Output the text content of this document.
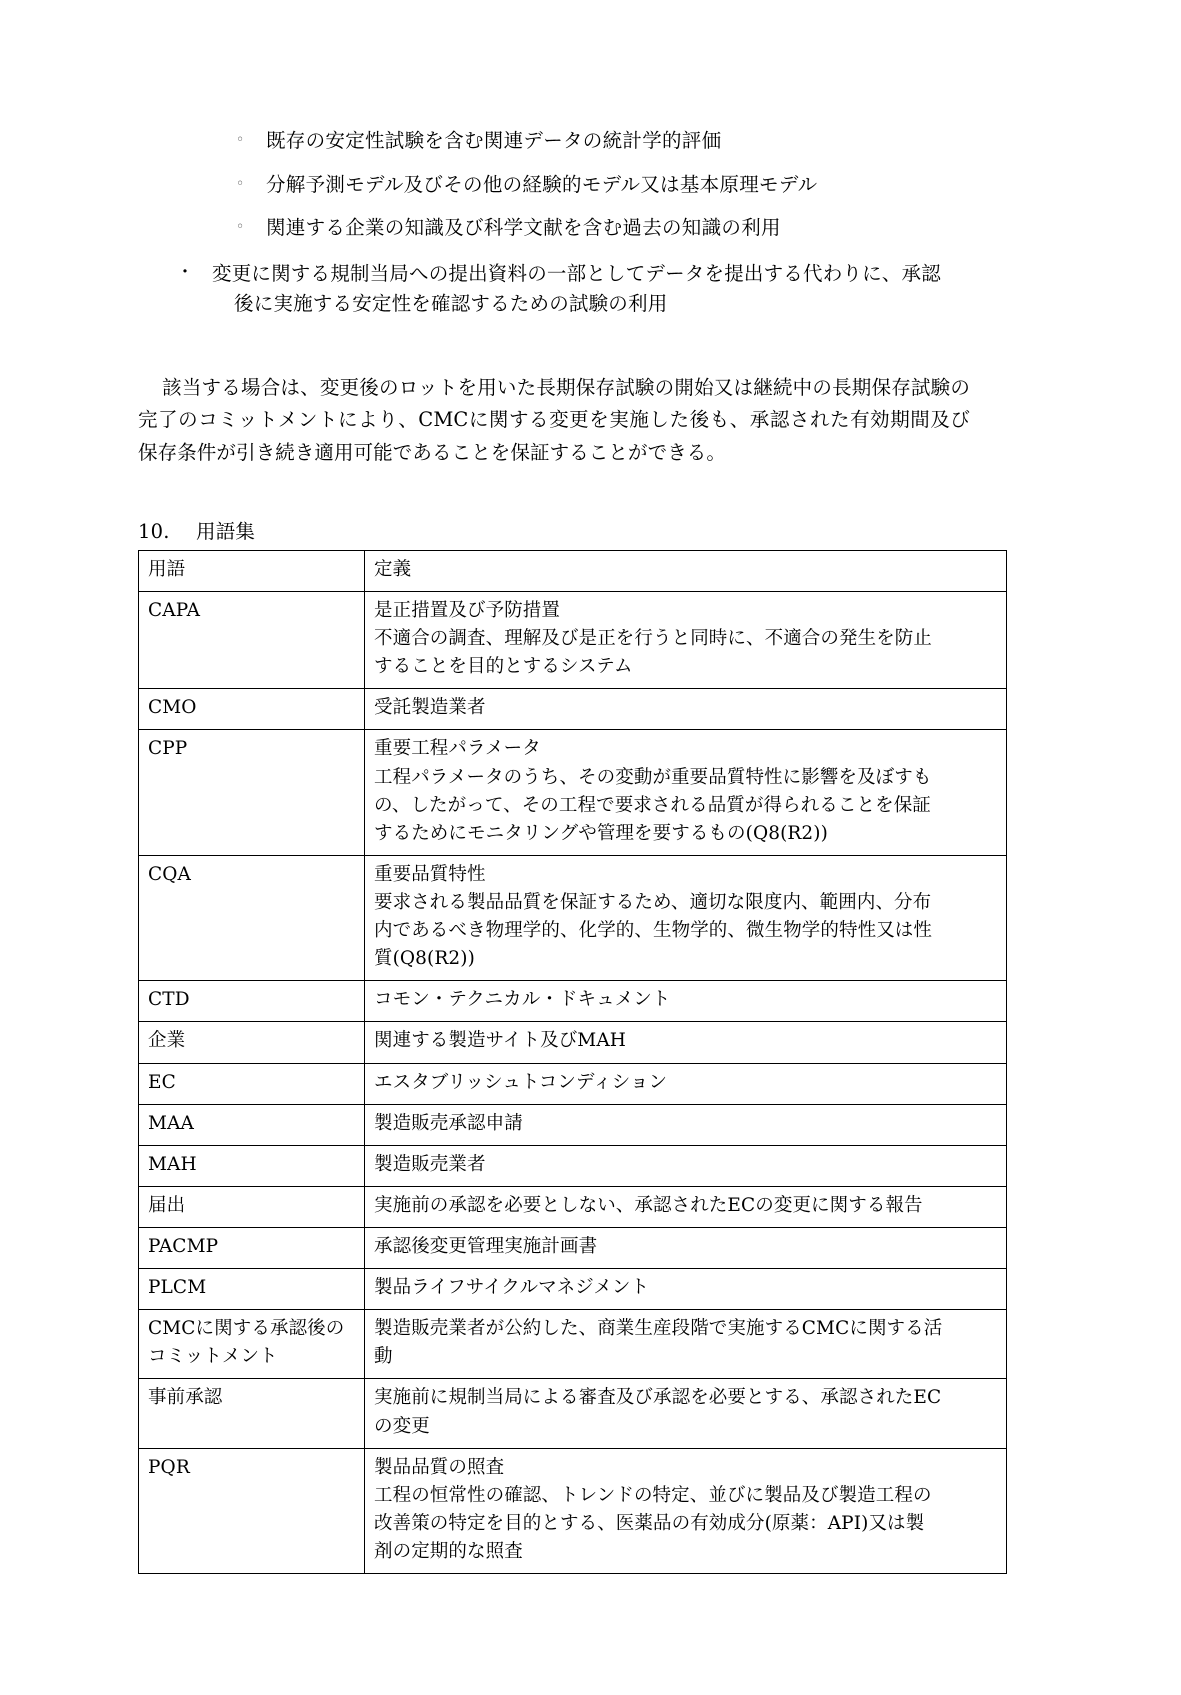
◦	既存の安定性試験を含む関連データの統計学的評価
◦	分解予測モデル及びその他の経験的モデル又は基本原理モデル
◦	関連する企業の知識及び科学文献を含む過去の知識の利用
・ 変更に関する規制当局への提出資料の一部としてデータを提出する代わりに、承認
後に実施する安定性を確認するための試験の利用

該当する場合は、変更後のロットを用いた長期保存試験の開始又は継続中の長期保存試験の完了のコミットメントにより、CMCに関する変更を実施した後も、承認された有効期間及び保存条件が引き続き適用可能であることを保証することができる。

10. 用語集
用語	定義
CAPA	是正措置及び予防措置
不適合の調査、理解及び是正を行うと同時に、不適合の発生を防止
することを目的とするシステム

CMO	受託製造業者

CPP	重要工程パラメータ
工程パラメータのうち、その変動が重要品質特性に影響を及ぼすも
の、したがって、その工程で要求される品質が得られることを保証
するためにモニタリングや管理を要するもの(Q8(R2))

CQA	重要品質特性
要求される製品品質を保証するため、適切な限度内、範囲内、分布
内であるべき物理学的、化学的、生物学的、微生物学的特性又は性
質(Q8(R2))

CTD	コモン・テクニカル・ドキュメント

企業	関連する製造サイト及びMAH

EC	エスタブリッシュトコンディション

MAA	製造販売承認申請

MAH	製造販売業者

届出	実施前の承認を必要としない、承認されたECの変更に関する報告

PACMP	承認後変更管理実施計画書

PLCM	製品ライフサイクルマネジメント

CMCに関する承認後のコミットメント	製造販売業者が公約した、商業生産段階で実施するCMCに関する活
動

事前承認	実施前に規制当局による審査及び承認を必要とする、承認されたEC
の変更

PQR	製品品質の照査
工程の恒常性の確認、トレンドの特定、並びに製品及び製造工程の
改善策の特定を目的とする、医薬品の有効成分(原薬：API)又は製
剤の定期的な照査
